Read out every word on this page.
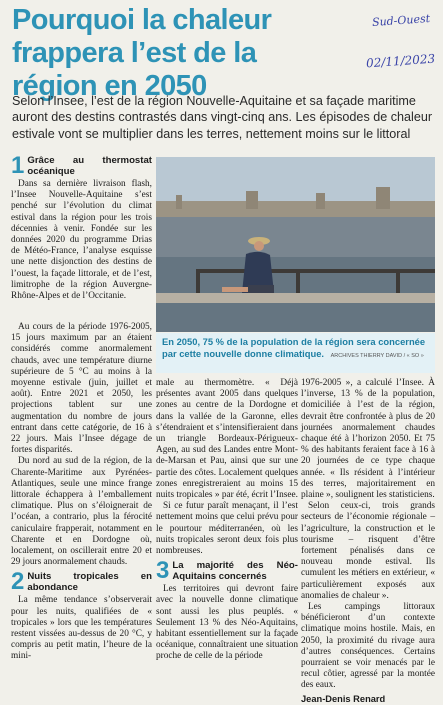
Pourquoi la chaleur frappera l’est de la région en 2050
Sud-Ouest
02/11/2023
Selon l’Insee, l’est de la région Nouvelle-Aquitaine et sa façade maritime auront des destins contrastés dans vingt-cinq ans. Les épisodes de chaleur estivale vont se multiplier dans les terres, nettement moins sur le littoral
1 Grâce au thermostat océanique

Dans sa dernière livraison flash, l’Insee Nouvelle-Aquitaine s’est penché sur l’évolution du climat estival dans la région pour les trois décennies à venir. Fondée sur les données 2020 du programme Drias de Météo-France, l’analyse esquisse une nette disjonction des destins de l’ouest, la façade littorale, et de l’est, limitrophe de la région Auvergne-Rhône-Alpes et de l’Occitanie.

Au cours de la période 1976-2005, 15 jours maximum par an étaient considérés comme anormalement chauds, avec une température diurne supérieure de 5 °C au moins à la moyenne estivale (juin, juillet et août). Entre 2021 et 2050, les projections tablent sur une augmentation du nombre de jours entrant dans cette catégorie, de 16 à 22 jours. Mais l’Insee dégage de fortes disparités.

Du nord au sud de la région, de la Charente-Maritime aux Pyrénées-Atlantiques, seule une mince frange littorale échappera à l’emballement climatique. Plus on s’éloignerait de l’océan, a contrario, plus la férocité caniculaire frapperait, notamment en Charente et en Dordogne où, localement, on oscillerait entre 20 et 29 jours anormalement chauds.

2 Nuits tropicales en abondance

La même tendance s’observerait pour les nuits, qualifiées de « tropicales » lors que les températures restent vissées au-dessus de 20 °C, y compris au petit matin, l’heure de la mini-

En 2050, 75 % de la population de la région sera concernée par cette nouvelle donne climatique. ARCHIVES THIERRY DAVID / « SO »

male au thermomètre. « Déjà présentes avant 2005 dans quelques zones au centre de la Dordogne et dans la vallée de la Garonne, elles s’étendraient et s’intensifieraient dans un triangle Bordeaux-Périgueux-Agen, au sud des Landes entre Mont-de-Marsan et Pau, ainsi que sur une partie des côtes. Localement quelques zones enregistreraient au moins 15 nuits tropicales » par été, écrit l’Insee.

Si ce futur paraît menaçant, il l’est nettement moins que celui prévu pour le pourtour méditerranéen, où les nuits tropicales seront deux fois plus nombreuses.

3 La majorité des Néo-Aquitains concernés

Les territoires qui devront faire avec la nouvelle donne climatique sont aussi les plus peuplés. « Seulement 13 % des Néo-Aquitains, habitant essentiellement sur la façade océanique, connaîtraient une situation proche de celle de la période

1976-2005 », a calculé l’Insee. À l’inverse, 13 % de la population, domiciliée à l’est de la région, devrait être confrontée à plus de 20 journées anormalement chaudes chaque été à l’horizon 2050. Et 75 % des habitants feraient face à 16 à 20 journées de ce type chaque année. « Ils résident à l’intérieur des terres, majoritairement en plaine », soulignent les statisticiens.

Selon ceux-ci, trois grands secteurs de l’économie régionale – l’agriculture, la construction et le tourisme – risquent d’être fortement pénalisés dans ce nouveau monde estival. Ils cumulent les métiers en extérieur, « particulièrement exposés aux anomalies de chaleur ».

Les campings littoraux bénéficieront d’un contexte climatique moins hostile. Mais, en 2050, la proximité du rivage aura d’autres conséquences. Certains pourraient se voir menacés par le recul côtier, agressé par la montée des eaux.

Jean-Denis Renard
